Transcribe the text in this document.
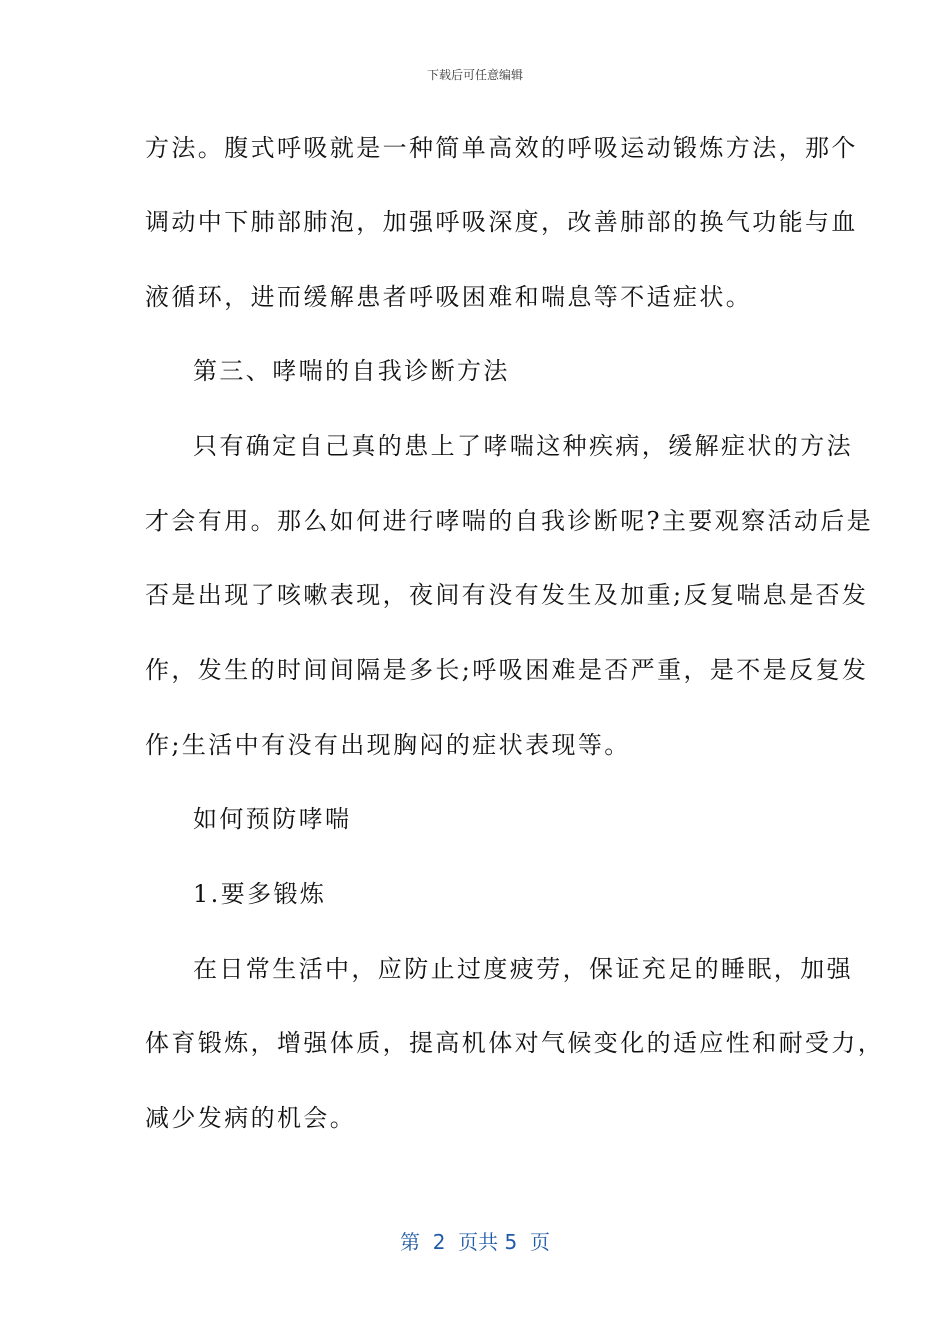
下载后可任意编辑
方法。腹式呼吸就是一种简单高效的呼吸运动锻炼方法，那个
调动中下肺部肺泡，加强呼吸深度，改善肺部的换气功能与血
液循环，进而缓解患者呼吸困难和喘息等不适症状。
第三、哮喘的自我诊断方法
只有确定自己真的患上了哮喘这种疾病，缓解症状的方法
才会有用。那么如何进行哮喘的自我诊断呢?主要观察活动后是
否是出现了咳嗽表现，夜间有没有发生及加重;反复喘息是否发
作，发生的时间间隔是多长;呼吸困难是否严重，是不是反复发
作;生活中有没有出现胸闷的症状表现等。
如何预防哮喘
1.要多锻炼
在日常生活中，应防止过度疲劳，保证充足的睡眠，加强
体育锻炼，增强体质，提高机体对气候变化的适应性和耐受力，
减少发病的机会。
第  2  页共 5  页
